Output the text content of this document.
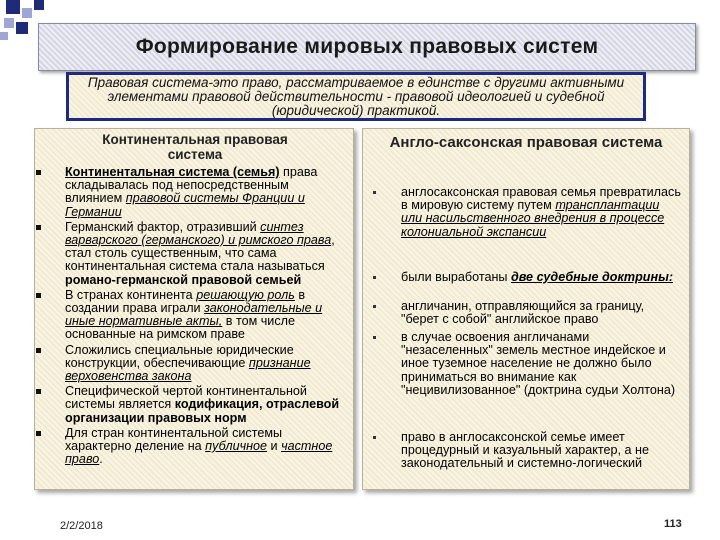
Формирование мировых правовых систем
Правовая система-это право, рассматриваемое в единстве с другими активными элементами правовой действительности - правовой идеологией и судебной (юридической) практикой.
Континентальная правовая система
Континентальная система (семья) права складывалась под непосредственным влиянием правовой системы Франции и Германии
Германский фактор, отразивший синтез варварского (германского) и римского права, стал столь существенным, что сама континентальная система стала называться романо-германской правовой семьей
В странах континента решающую роль в создании права играли законодательные и иные нормативные акты, в том числе основанные на римском праве
Сложились специальные юридические конструкции, обеспечивающие признание верховенства закона
Специфической чертой континентальной системы является кодификация, отраслевой организации правовых норм
Для стран континентальной системы характерно деление на публичное и частное право.
Англо-саксонская правовая система
англосаксонская правовая семья превратилась в мировую систему путем трансплантации или насильственного внедрения в процессе колониальной экспансии
были выработаны две судебные доктрины:
англичанин, отправляющийся за границу, "берет с собой" английское право
в случае освоения англичанами "незаселенных" земель местное индейское и иное туземное население не должно было приниматься во внимание как "нецивилизованное" (доктрина судьи Холтона)
право в англосаксонской семье имеет процедурный и казуальный характер, а не законодательный и системно-логический
2/2/2018	113
